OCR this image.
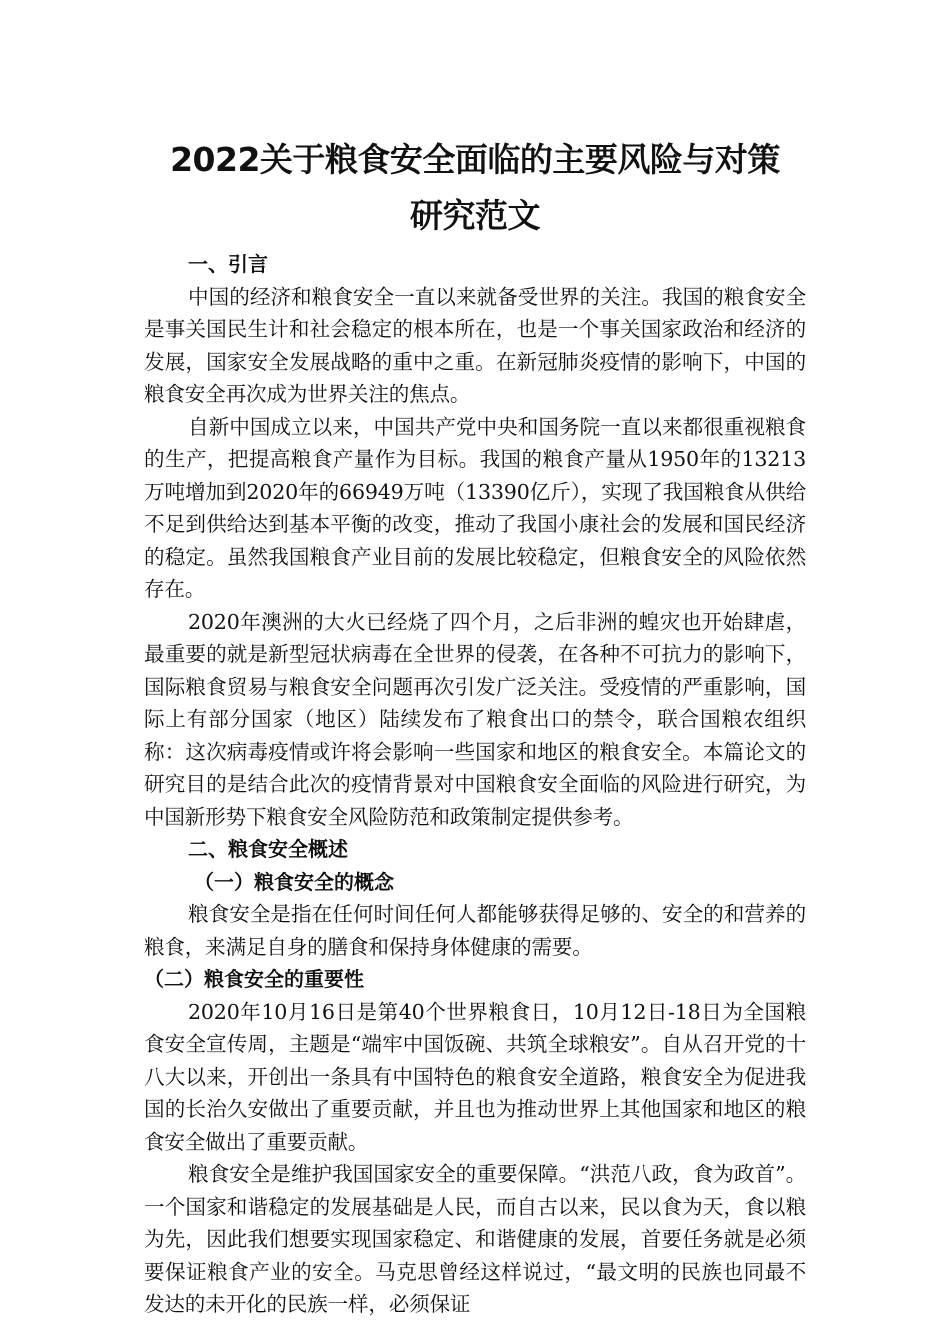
2022关于粮食安全面临的主要风险与对策
研究范文
一、引言

中国的经济和粮食安全一直以来就备受世界的关注。我国的粮食安全是事关国民生计和社会稳定的根本所在，也是一个事关国家政治和经济的发展，国家安全发展战略的重中之重。在新冠肺炎疫情的影响下，中国的粮食安全再次成为世界关注的焦点。

自新中国成立以来，中国共产党中央和国务院一直以来都很重视粮食的生产，把提高粮食产量作为目标。我国的粮食产量从1950年的13213万吨增加到2020年的66949万吨（13390亿斤），实现了我国粮食从供给不足到供给达到基本平衡的改变，推动了我国小康社会的发展和国民经济的稳定。虽然我国粮食产业目前的发展比较稳定，但粮食安全的风险依然存在。

2020年澳洲的大火已经烧了四个月，之后非洲的蝗灾也开始肆虐，最重要的就是新型冠状病毒在全世界的侵袭，在各种不可抗力的影响下，国际粮食贸易与粮食安全问题再次引发广泛关注。受疫情的严重影响，国际上有部分国家（地区）陆续发布了粮食出口的禁令，联合国粮农组织称：这次病毒疫情或许将会影响一些国家和地区的粮食安全。本篇论文的研究目的是结合此次的疫情背景对中国粮食安全面临的风险进行研究，为中国新形势下粮食安全风险防范和政策制定提供参考。

二、粮食安全概述
（一）粮食安全的概念

粮食安全是指在任何时间任何人都能够获得足够的、安全的和营养的粮食，来满足自身的膳食和保持身体健康的需要。

（二）粮食安全的重要性

2020年10月16日是第40个世界粮食日，10月12日-18日为全国粮食安全宣传周，主题是“端牢中国饭碗、共筑全球粮安”。自从召开党的十八大以来，开创出一条具有中国特色的粮食安全道路，粮食安全为促进我国的长治久安做出了重要贡献，并且也为推动世界上其他国家和地区的粮食安全做出了重要贡献。

粮食安全是维护我国国家安全的重要保障。“洪范八政，食为政首”。一个国家和谐稳定的发展基础是人民，而自古以来，民以食为天，食以粮为先，因此我们想要实现国家稳定、和谐健康的发展，首要任务就是必须要保证粮食产业的安全。马克思曾经这样说过，“最文明的民族也同最不发达的未开化的民族一样，必须保证
